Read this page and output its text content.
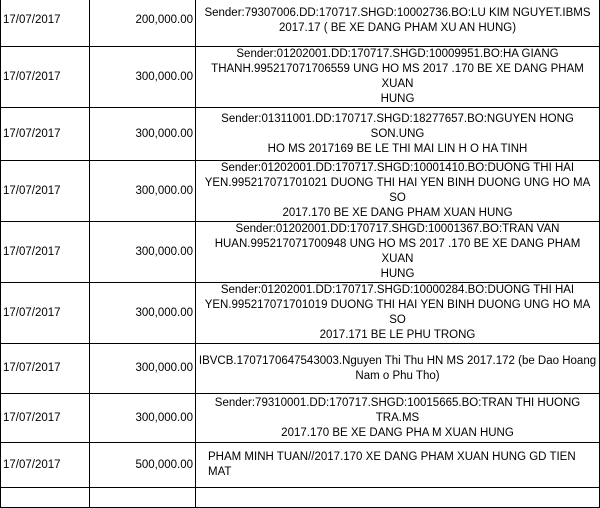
17/07/2017	200,000.00	Sender:79307006.DD:170717.SHGD:10002736.BO:LU KIM NGUYET.IBMS
2017.17 ( BE XE DANG PHAM XU AN HUNG)

17/07/2017	300,000.00	Sender:01202001.DD:170717.SHGD:10009951.BO:HA GIANG
THANH.995217071706559 UNG HO MS 2017 .170 BE XE DANG PHAM XUAN
HUNG

17/07/2017	300,000.00	Sender:01311001.DD:170717.SHGD:18277657.BO:NGUYEN HONG SON.UNG
HO MS 2017169 BE LE THI MAI LIN H O HA TINH

17/07/2017	300,000.00	Sender:01202001.DD:170717.SHGD:10001410.BO:DUONG THI HAI
YEN.995217071701021 DUONG THI HAI YEN BINH DUONG UNG HO MA SO
2017.170 BE XE DANG PHAM XUAN HUNG

17/07/2017	300,000.00	Sender:01202001.DD:170717.SHGD:10001367.BO:TRAN VAN
HUAN.995217071700948 UNG HO MS 2017 .170 BE XE DANG PHAM XUAN
HUNG

17/07/2017	300,000.00	Sender:01202001.DD:170717.SHGD:10000284.BO:DUONG THI HAI
YEN.995217071701019 DUONG THI HAI YEN BINH DUONG UNG HO MA SO
2017.171 BE LE PHU TRONG

17/07/2017	300,000.00	IBVCB.1707170647543003.Nguyen Thi Thu HN MS 2017.172 (be Dao Hoang
Nam o Phu Tho)

17/07/2017	300,000.00	Sender:79310001.DD:170717.SHGD:10015665.BO:TRAN THI HUONG TRA.MS
2017.170 BE XE DANG PHA M XUAN HUNG

17/07/2017	500,000.00	PHAM MINH TUAN//2017.170 XE DANG PHAM XUAN HUNG GD TIEN MAT
